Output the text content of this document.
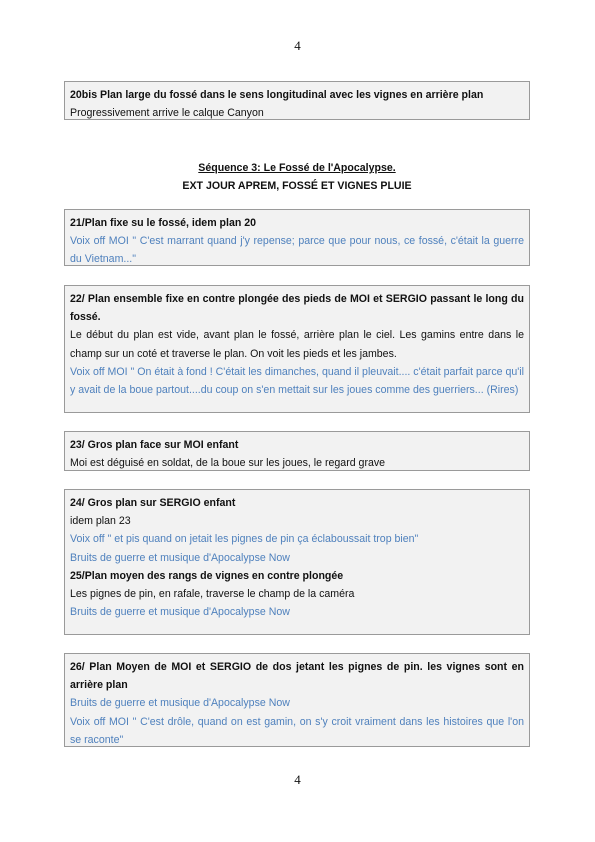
4

20bis Plan large du fossé dans le sens longitudinal avec les vignes en arrière plan

Progressivement arrive le calque Canyon

Séquence 3: Le Fossé de l'Apocalypse.
EXT JOUR APREM, FOSSÉ ET VIGNES PLUIE

21/Plan fixe su le fossé, idem plan 20

Voix off MOI " C'est marrant quand j'y repense; parce que pour nous, ce fossé, c'était la guerre du Vietnam..."

22/ Plan ensemble fixe en contre plongée des pieds de MOI et SERGIO passant le long du fossé.

Le début du plan est vide, avant plan le fossé, arrière plan le ciel. Les gamins entre dans le champ sur un coté et traverse le plan. On voit les pieds et les jambes.

Voix off MOI " On était à fond ! C'était les dimanches, quand il pleuvait.... c'était parfait parce qu'il y avait de la boue partout....du coup on s'en mettait sur les joues comme des guerriers... (Rires)

23/ Gros plan face sur MOI enfant

Moi est déguisé en soldat, de la boue sur les joues, le regard grave

24/ Gros plan sur SERGIO enfant

idem plan 23

Voix off " et pis quand on jetait les pignes de pin ça éclaboussait trop bien"

Bruits de guerre et musique d'Apocalypse Now

25/Plan moyen des rangs de vignes en contre plongée

Les pignes de pin, en rafale, traverse le champ de la caméra

Bruits de guerre et musique d'Apocalypse Now

26/ Plan Moyen de MOI et SERGIO de dos jetant les pignes de pin. les vignes sont en arrière plan

Bruits de guerre et musique d'Apocalypse Now

Voix off MOI " C'est drôle, quand on est gamin, on s'y croit vraiment dans les histoires que l'on se raconte"

4
